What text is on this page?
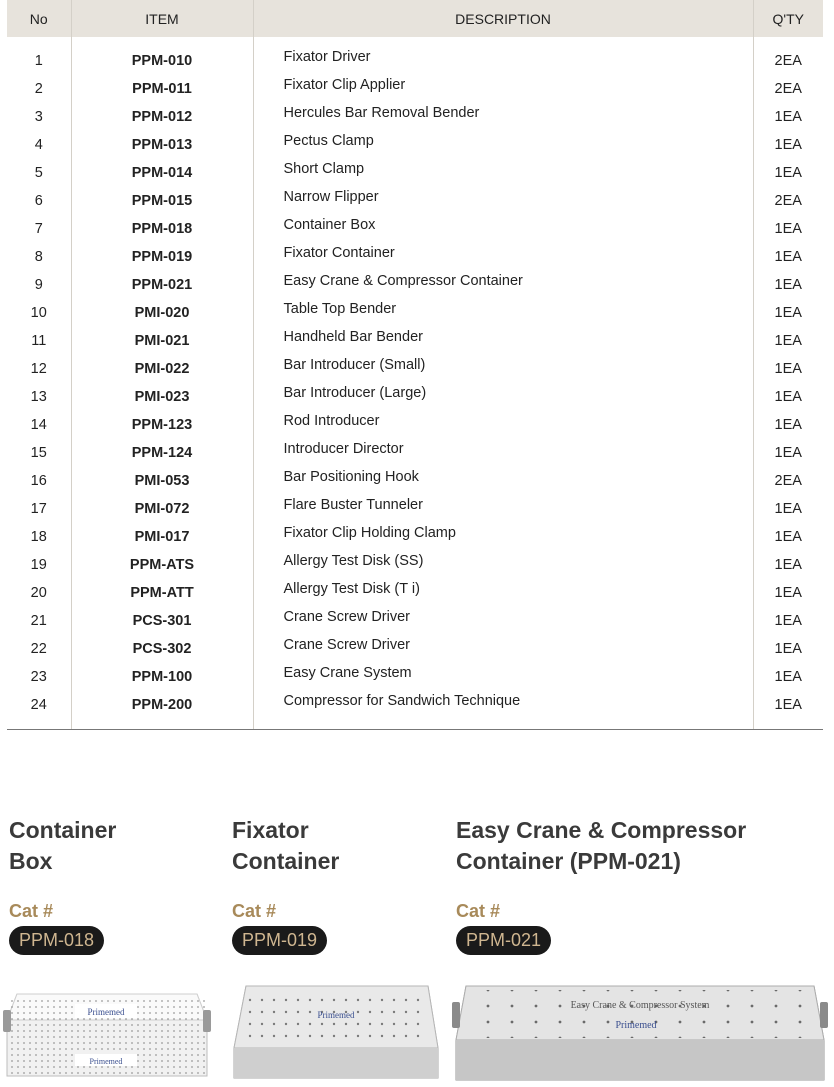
No	ITEM	DESCRIPTION	Q'TY
1	PPM-010	Fixator Driver	2EA
2	PPM-011	Fixator Clip Applier	2EA
3	PPM-012	Hercules Bar Removal Bender	1EA
4	PPM-013	Pectus Clamp	1EA
5	PPM-014	Short Clamp	1EA
6	PPM-015	Narrow Flipper	2EA
7	PPM-018	Container Box	1EA
8	PPM-019	Fixator Container	1EA
9	PPM-021	Easy Crane & Compressor Container	1EA
10	PMI-020	Table Top Bender	1EA
11	PMI-021	Handheld Bar Bender	1EA
12	PMI-022	Bar Introducer (Small)	1EA
13	PMI-023	Bar Introducer (Large)	1EA
14	PPM-123	Rod Introducer	1EA
15	PPM-124	Introducer Director	1EA
16	PMI-053	Bar Positioning Hook	2EA
17	PMI-072	Flare Buster Tunneler	1EA
18	PMI-017	Fixator Clip Holding Clamp	1EA
19	PPM-ATS	Allergy Test Disk (SS)	1EA
20	PPM-ATT	Allergy Test Disk (T i)	1EA
21	PCS-301	Crane Screw Driver	1EA
22	PCS-302	Crane Screw Driver	1EA
23	PPM-100	Easy Crane System	1EA
24	PPM-200	Compressor for Sandwich Technique	1EA
Container
Box
Cat #
PPM-018
Primemed
Primemed
Fixator
Container
Cat #
PPM-019
Primemed
Easy Crane & Compressor
Container (PPM-021)
Cat #
PPM-021
Easy Crane & Compressor System
Primemed
